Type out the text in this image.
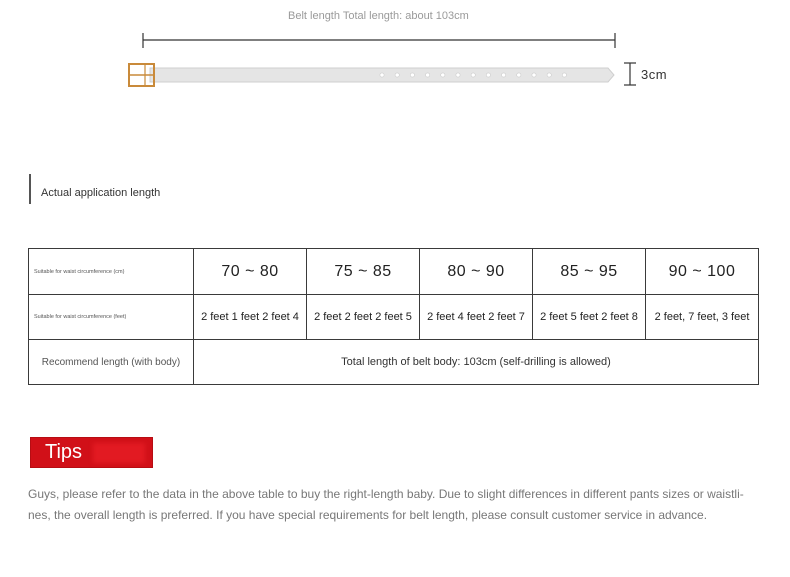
Belt length Total length: about 103cm
3cm
Actual application length
Suitable for waist circumference (cm)	70 ~ 80	75 ~ 85	80 ~ 90	85 ~ 95	90 ~ 100
Suitable for waist circumference (feet)	2 feet 1 feet 2 feet 4	2 feet 2 feet 2 feet 5	2 feet 4 feet 2 feet 7	2 feet 5 feet 2 feet 8	2 feet, 7 feet, 3 feet
Recommend length (with body)	Total length of belt body: 103cm (self-drilling is allowed)				
Tips
Guys, please refer to the data in the above table to buy the right-length baby. Due to slight differences in different pants sizes or waistli-nes, the overall length is preferred. If you have special requirements for belt length, please consult customer service in advance.
